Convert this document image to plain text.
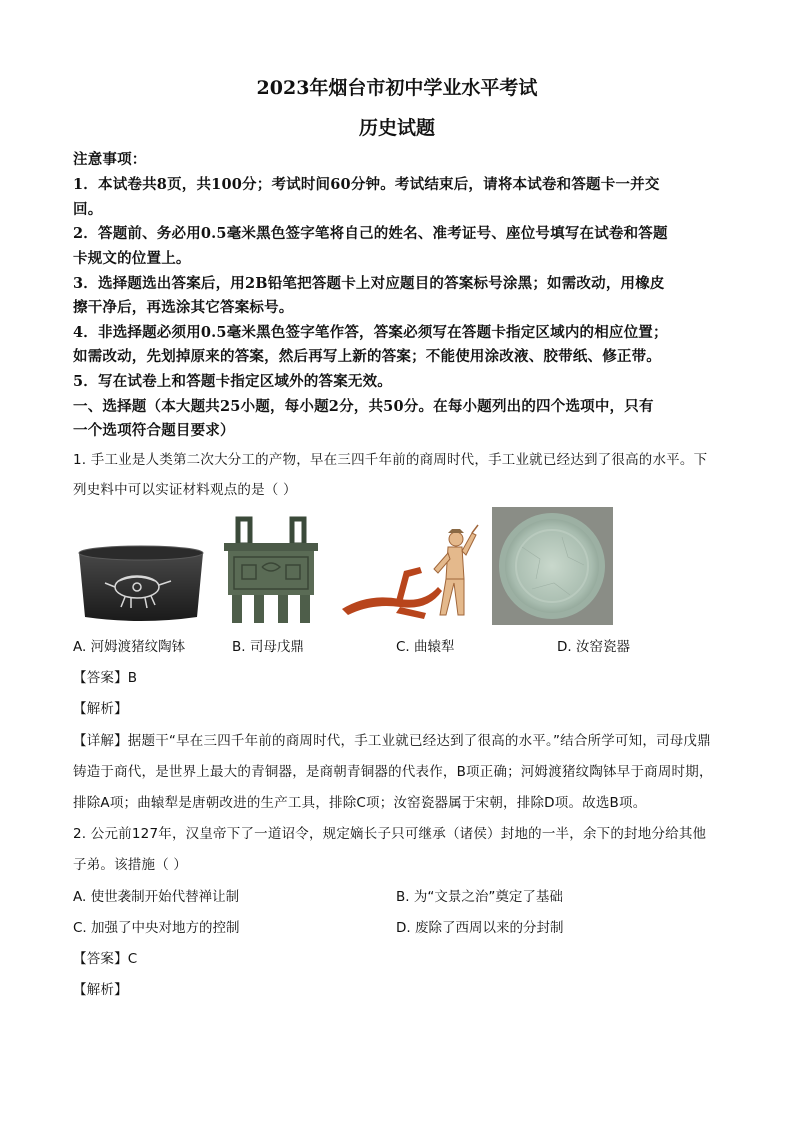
2023年烟台市初中学业水平考试
历史试题
注意事项：
1．本试卷共8页，共100分；考试时间60分钟。考试结束后，请将本试卷和答题卡一并交
回。
2．答题前、务必用0.5毫米黑色签字笔将自己的姓名、准考证号、座位号填写在试卷和答题
卡规文的位置上。
3．选择题选出答案后，用2B铅笔把答题卡上对应题目的答案标号涂黑；如需改动，用橡皮
擦干净后，再选涂其它答案标号。
4．非选择题必须用0.5毫米黑色签字笔作答，答案必须写在答题卡指定区域内的相应位置；
如需改动，先划掉原来的答案，然后再写上新的答案；不能使用涂改液、胶带纸、修正带。
5．写在试卷上和答题卡指定区域外的答案无效。
一、选择题（本大题共25小题，每小题2分，共50分。在每小题列出的四个选项中，只有
一个选项符合题目要求）
1. 手工业是人类第二次大分工的产物，早在三四千年前的商周时代，手工业就已经达到了很高的水平。下
列史料中可以实证材料观点的是（ ）
A. 河姆渡猪纹陶钵	B. 司母戊鼎	C. 曲辕犁	D. 汝窑瓷器
【答案】B
【解析】
【详解】据题干“早在三四千年前的商周时代，手工业就已经达到了很高的水平。”结合所学可知，司母戊鼎
铸造于商代，是世界上最大的青铜器，是商朝青铜器的代表作，B项正确；河姆渡猪纹陶钵早于商周时期，
排除A项；曲辕犁是唐朝改进的生产工具，排除C项；汝窑瓷器属于宋朝，排除D项。故选B项。
2. 公元前127年，汉皇帝下了一道诏令，规定嫡长子只可继承（诸侯）封地的一半，余下的封地分给其他
子弟。该措施（ ）
A. 使世袭制开始代替禅让制	B. 为“文景之治”奠定了基础
C. 加强了中央对地方的控制	D. 废除了西周以来的分封制
【答案】C
【解析】
